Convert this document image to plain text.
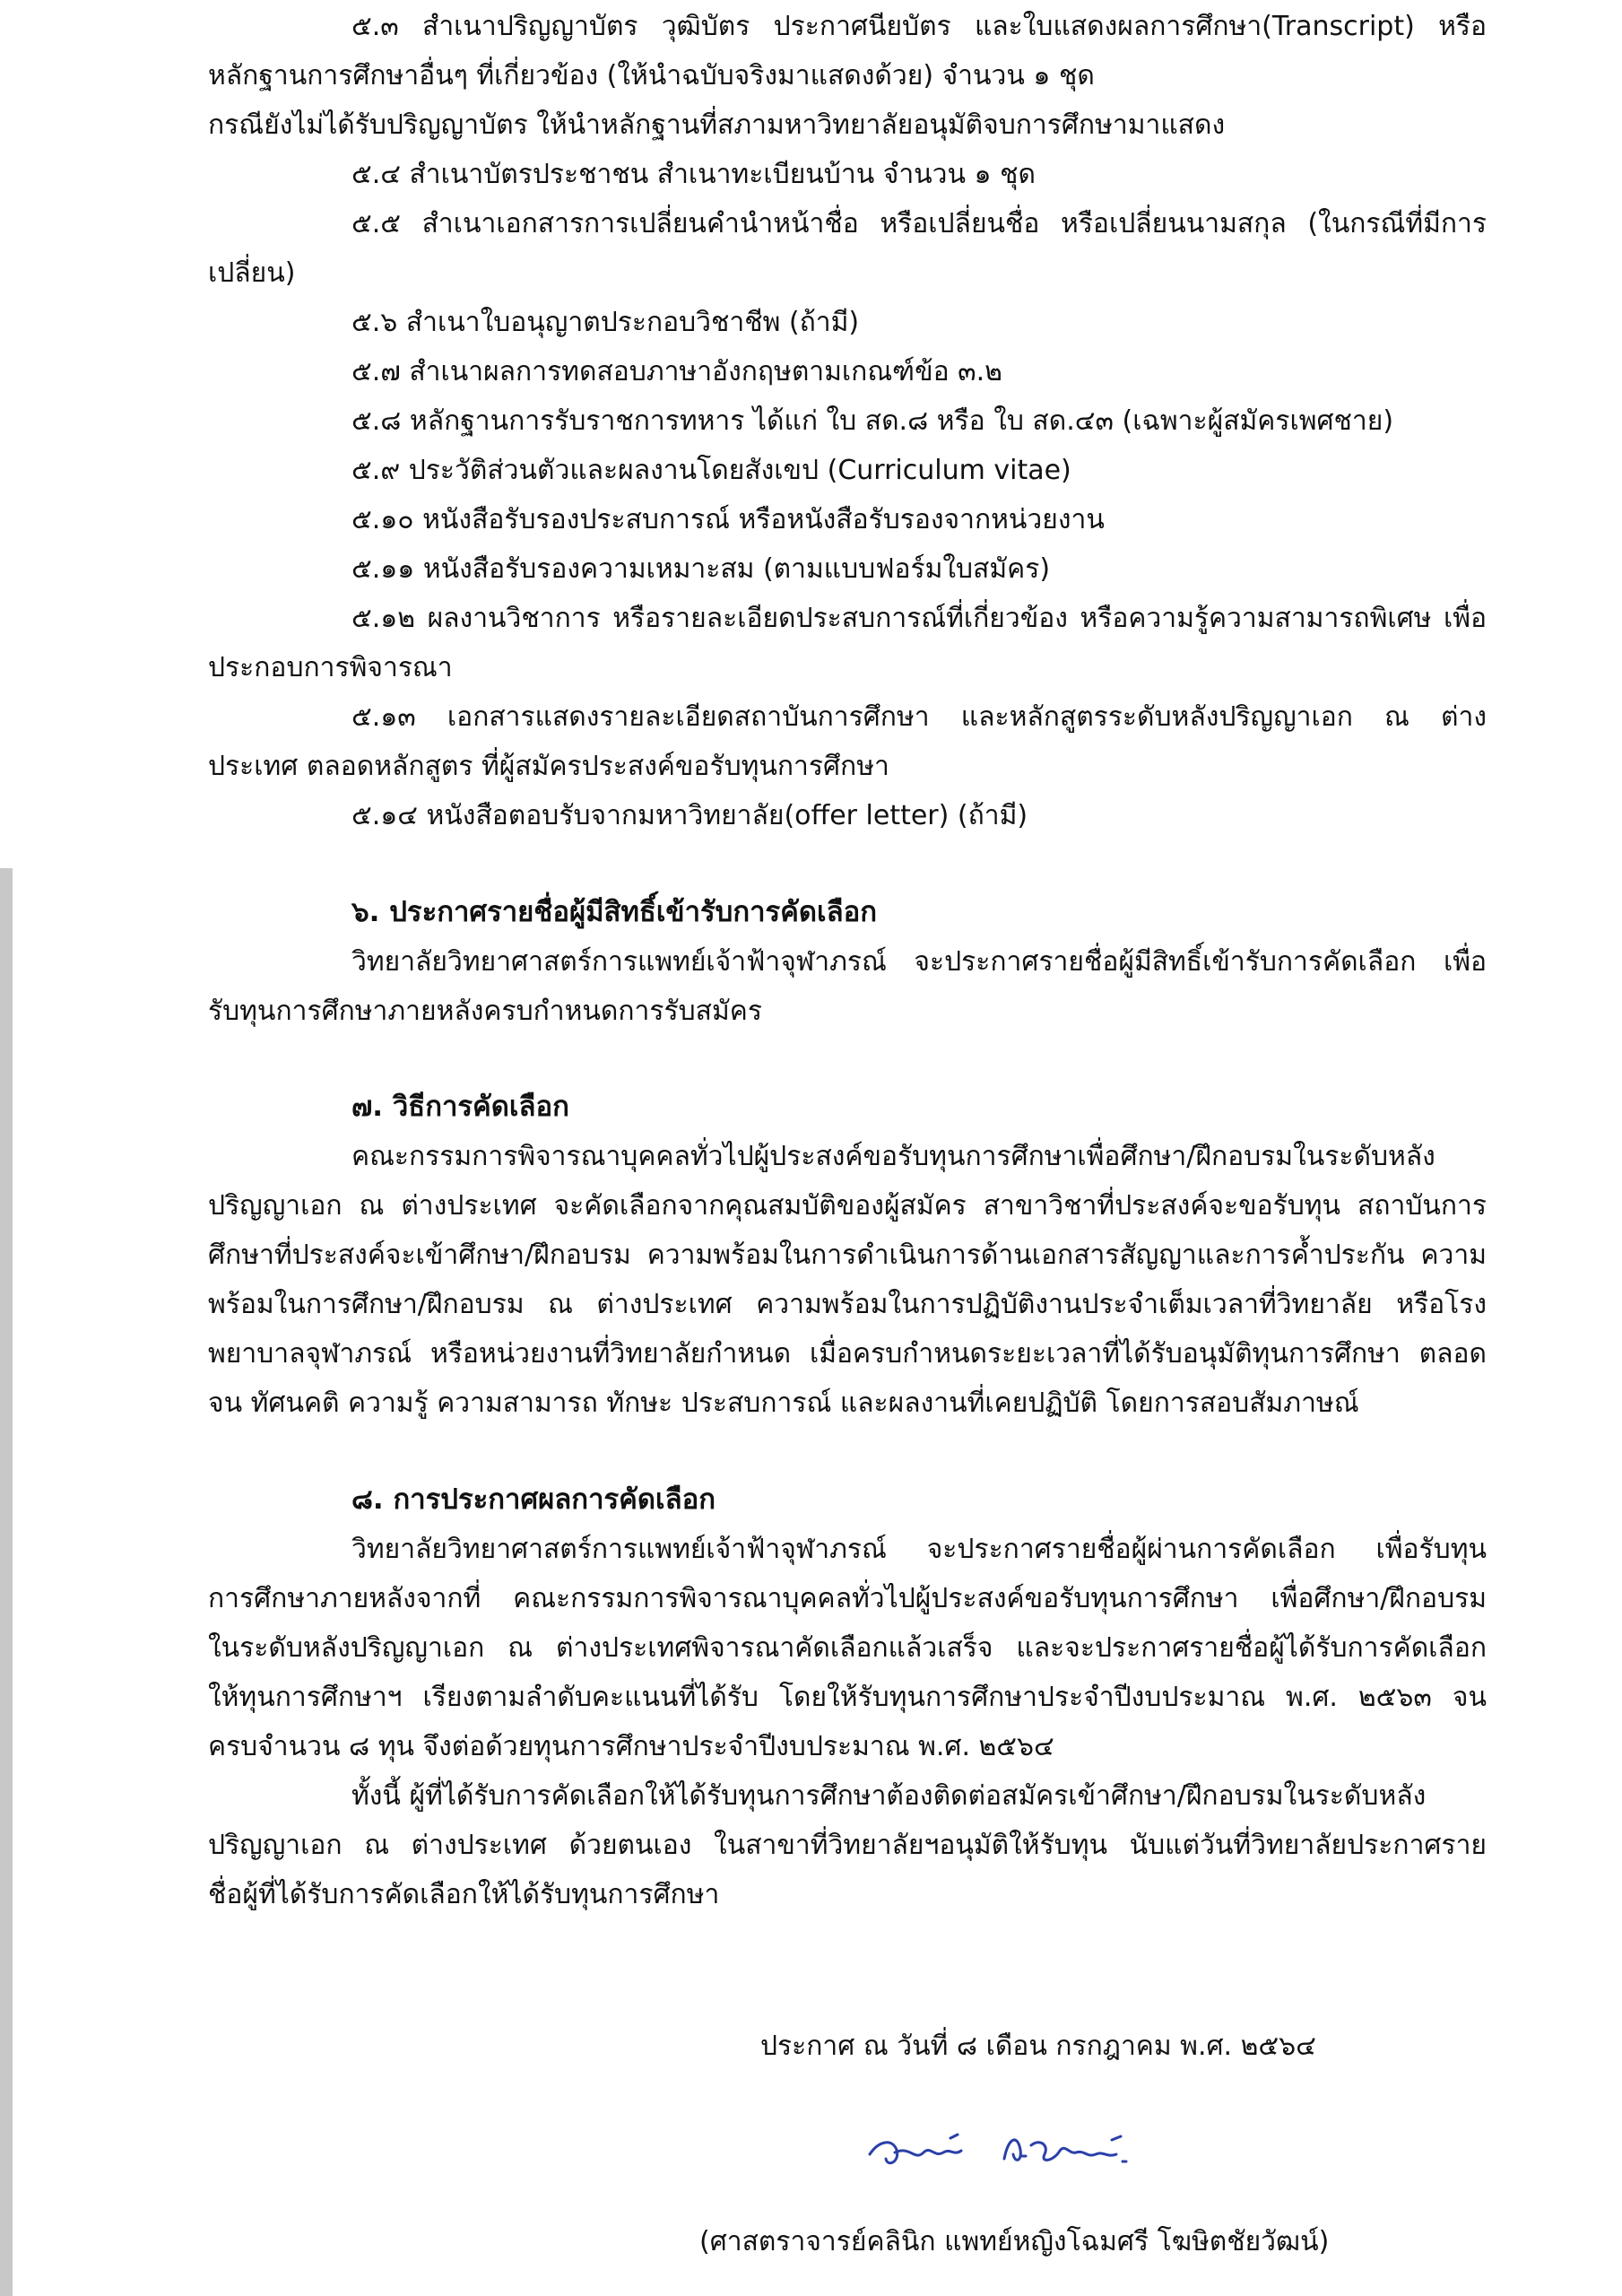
๕.๓ สำเนาปริญญาบัตร วุฒิบัตร ประกาศนียบัตร และใบแสดงผลการศึกษา(Transcript) หรือ
หลักฐานการศึกษาอื่นๆ ที่เกี่ยวข้อง (ให้นำฉบับจริงมาแสดงด้วย) จำนวน ๑ ชุด
กรณียังไม่ได้รับปริญญาบัตร ให้นำหลักฐานที่สภามหาวิทยาลัยอนุมัติจบการศึกษามาแสดง
๕.๔ สำเนาบัตรประชาชน สำเนาทะเบียนบ้าน จำนวน ๑ ชุด
๕.๕ สำเนาเอกสารการเปลี่ยนคำนำหน้าชื่อ หรือเปลี่ยนชื่อ หรือเปลี่ยนนามสกุล (ในกรณีที่มีการ
เปลี่ยน)
๕.๖ สำเนาใบอนุญาตประกอบวิชาชีพ (ถ้ามี)
๕.๗ สำเนาผลการทดสอบภาษาอังกฤษตามเกณฑ์ข้อ ๓.๒
๕.๘ หลักฐานการรับราชการทหาร ได้แก่ ใบ สด.๘ หรือ ใบ สด.๔๓ (เฉพาะผู้สมัครเพศชาย)
๕.๙ ประวัติส่วนตัวและผลงานโดยสังเขป (Curriculum vitae)
๕.๑๐ หนังสือรับรองประสบการณ์ หรือหนังสือรับรองจากหน่วยงาน
๕.๑๑ หนังสือรับรองความเหมาะสม (ตามแบบฟอร์มใบสมัคร)
๕.๑๒ ผลงานวิชาการ หรือรายละเอียดประสบการณ์ที่เกี่ยวข้อง หรือความรู้ความสามารถพิเศษ เพื่อ
ประกอบการพิจารณา
๕.๑๓ เอกสารแสดงรายละเอียดสถาบันการศึกษา และหลักสูตรระดับหลังปริญญาเอก ณ ต่าง
ประเทศ ตลอดหลักสูตร ที่ผู้สมัครประสงค์ขอรับทุนการศึกษา
๕.๑๔ หนังสือตอบรับจากมหาวิทยาลัย(offer letter) (ถ้ามี)
๖. ประกาศรายชื่อผู้มีสิทธิ์เข้ารับการคัดเลือก
วิทยาลัยวิทยาศาสตร์การแพทย์เจ้าฟ้าจุฬาภรณ์ จะประกาศรายชื่อผู้มีสิทธิ์เข้ารับการคัดเลือก เพื่อ
รับทุนการศึกษาภายหลังครบกำหนดการรับสมัคร
๗. วิธีการคัดเลือก
คณะกรรมการพิจารณาบุคคลทั่วไปผู้ประสงค์ขอรับทุนการศึกษาเพื่อศึกษา/ฝึกอบรมในระดับหลัง
ปริญญาเอก ณ ต่างประเทศ จะคัดเลือกจากคุณสมบัติของผู้สมัคร สาขาวิชาที่ประสงค์จะขอรับทุน สถาบันการ
ศึกษาที่ประสงค์จะเข้าศึกษา/ฝึกอบรม ความพร้อมในการดำเนินการด้านเอกสารสัญญาและการค้ำประกัน ความ
พร้อมในการศึกษา/ฝึกอบรม ณ ต่างประเทศ ความพร้อมในการปฏิบัติงานประจำเต็มเวลาที่วิทยาลัย หรือโรง
พยาบาลจุฬาภรณ์ หรือหน่วยงานที่วิทยาลัยกำหนด เมื่อครบกำหนดระยะเวลาที่ได้รับอนุมัติทุนการศึกษา ตลอด
จน ทัศนคติ ความรู้ ความสามารถ ทักษะ ประสบการณ์ และผลงานที่เคยปฏิบัติ โดยการสอบสัมภาษณ์
๘. การประกาศผลการคัดเลือก
วิทยาลัยวิทยาศาสตร์การแพทย์เจ้าฟ้าจุฬาภรณ์ จะประกาศรายชื่อผู้ผ่านการคัดเลือก เพื่อรับทุน
การศึกษาภายหลังจากที่ คณะกรรมการพิจารณาบุคคลทั่วไปผู้ประสงค์ขอรับทุนการศึกษา เพื่อศึกษา/ฝึกอบรม
ในระดับหลังปริญญาเอก ณ ต่างประเทศพิจารณาคัดเลือกแล้วเสร็จ และจะประกาศรายชื่อผู้ได้รับการคัดเลือก
ให้ทุนการศึกษาฯ เรียงตามลำดับคะแนนที่ได้รับ โดยให้รับทุนการศึกษาประจำปีงบประมาณ พ.ศ. ๒๕๖๓ จน
ครบจำนวน ๘ ทุน จึงต่อด้วยทุนการศึกษาประจำปีงบประมาณ พ.ศ. ๒๕๖๔
ทั้งนี้ ผู้ที่ได้รับการคัดเลือกให้ได้รับทุนการศึกษาต้องติดต่อสมัครเข้าศึกษา/ฝึกอบรมในระดับหลัง
ปริญญาเอก ณ ต่างประเทศ ด้วยตนเอง ในสาขาที่วิทยาลัยฯอนุมัติให้รับทุน นับแต่วันที่วิทยาลัยประกาศราย
ชื่อผู้ที่ได้รับการคัดเลือกให้ได้รับทุนการศึกษา
ประกาศ ณ วันที่ ๘ เดือน กรกฎาคม พ.ศ. ๒๕๖๔
(ศาสตราจารย์คลินิก แพทย์หญิงโฉมศรี โฆษิตชัยวัฒน์)
